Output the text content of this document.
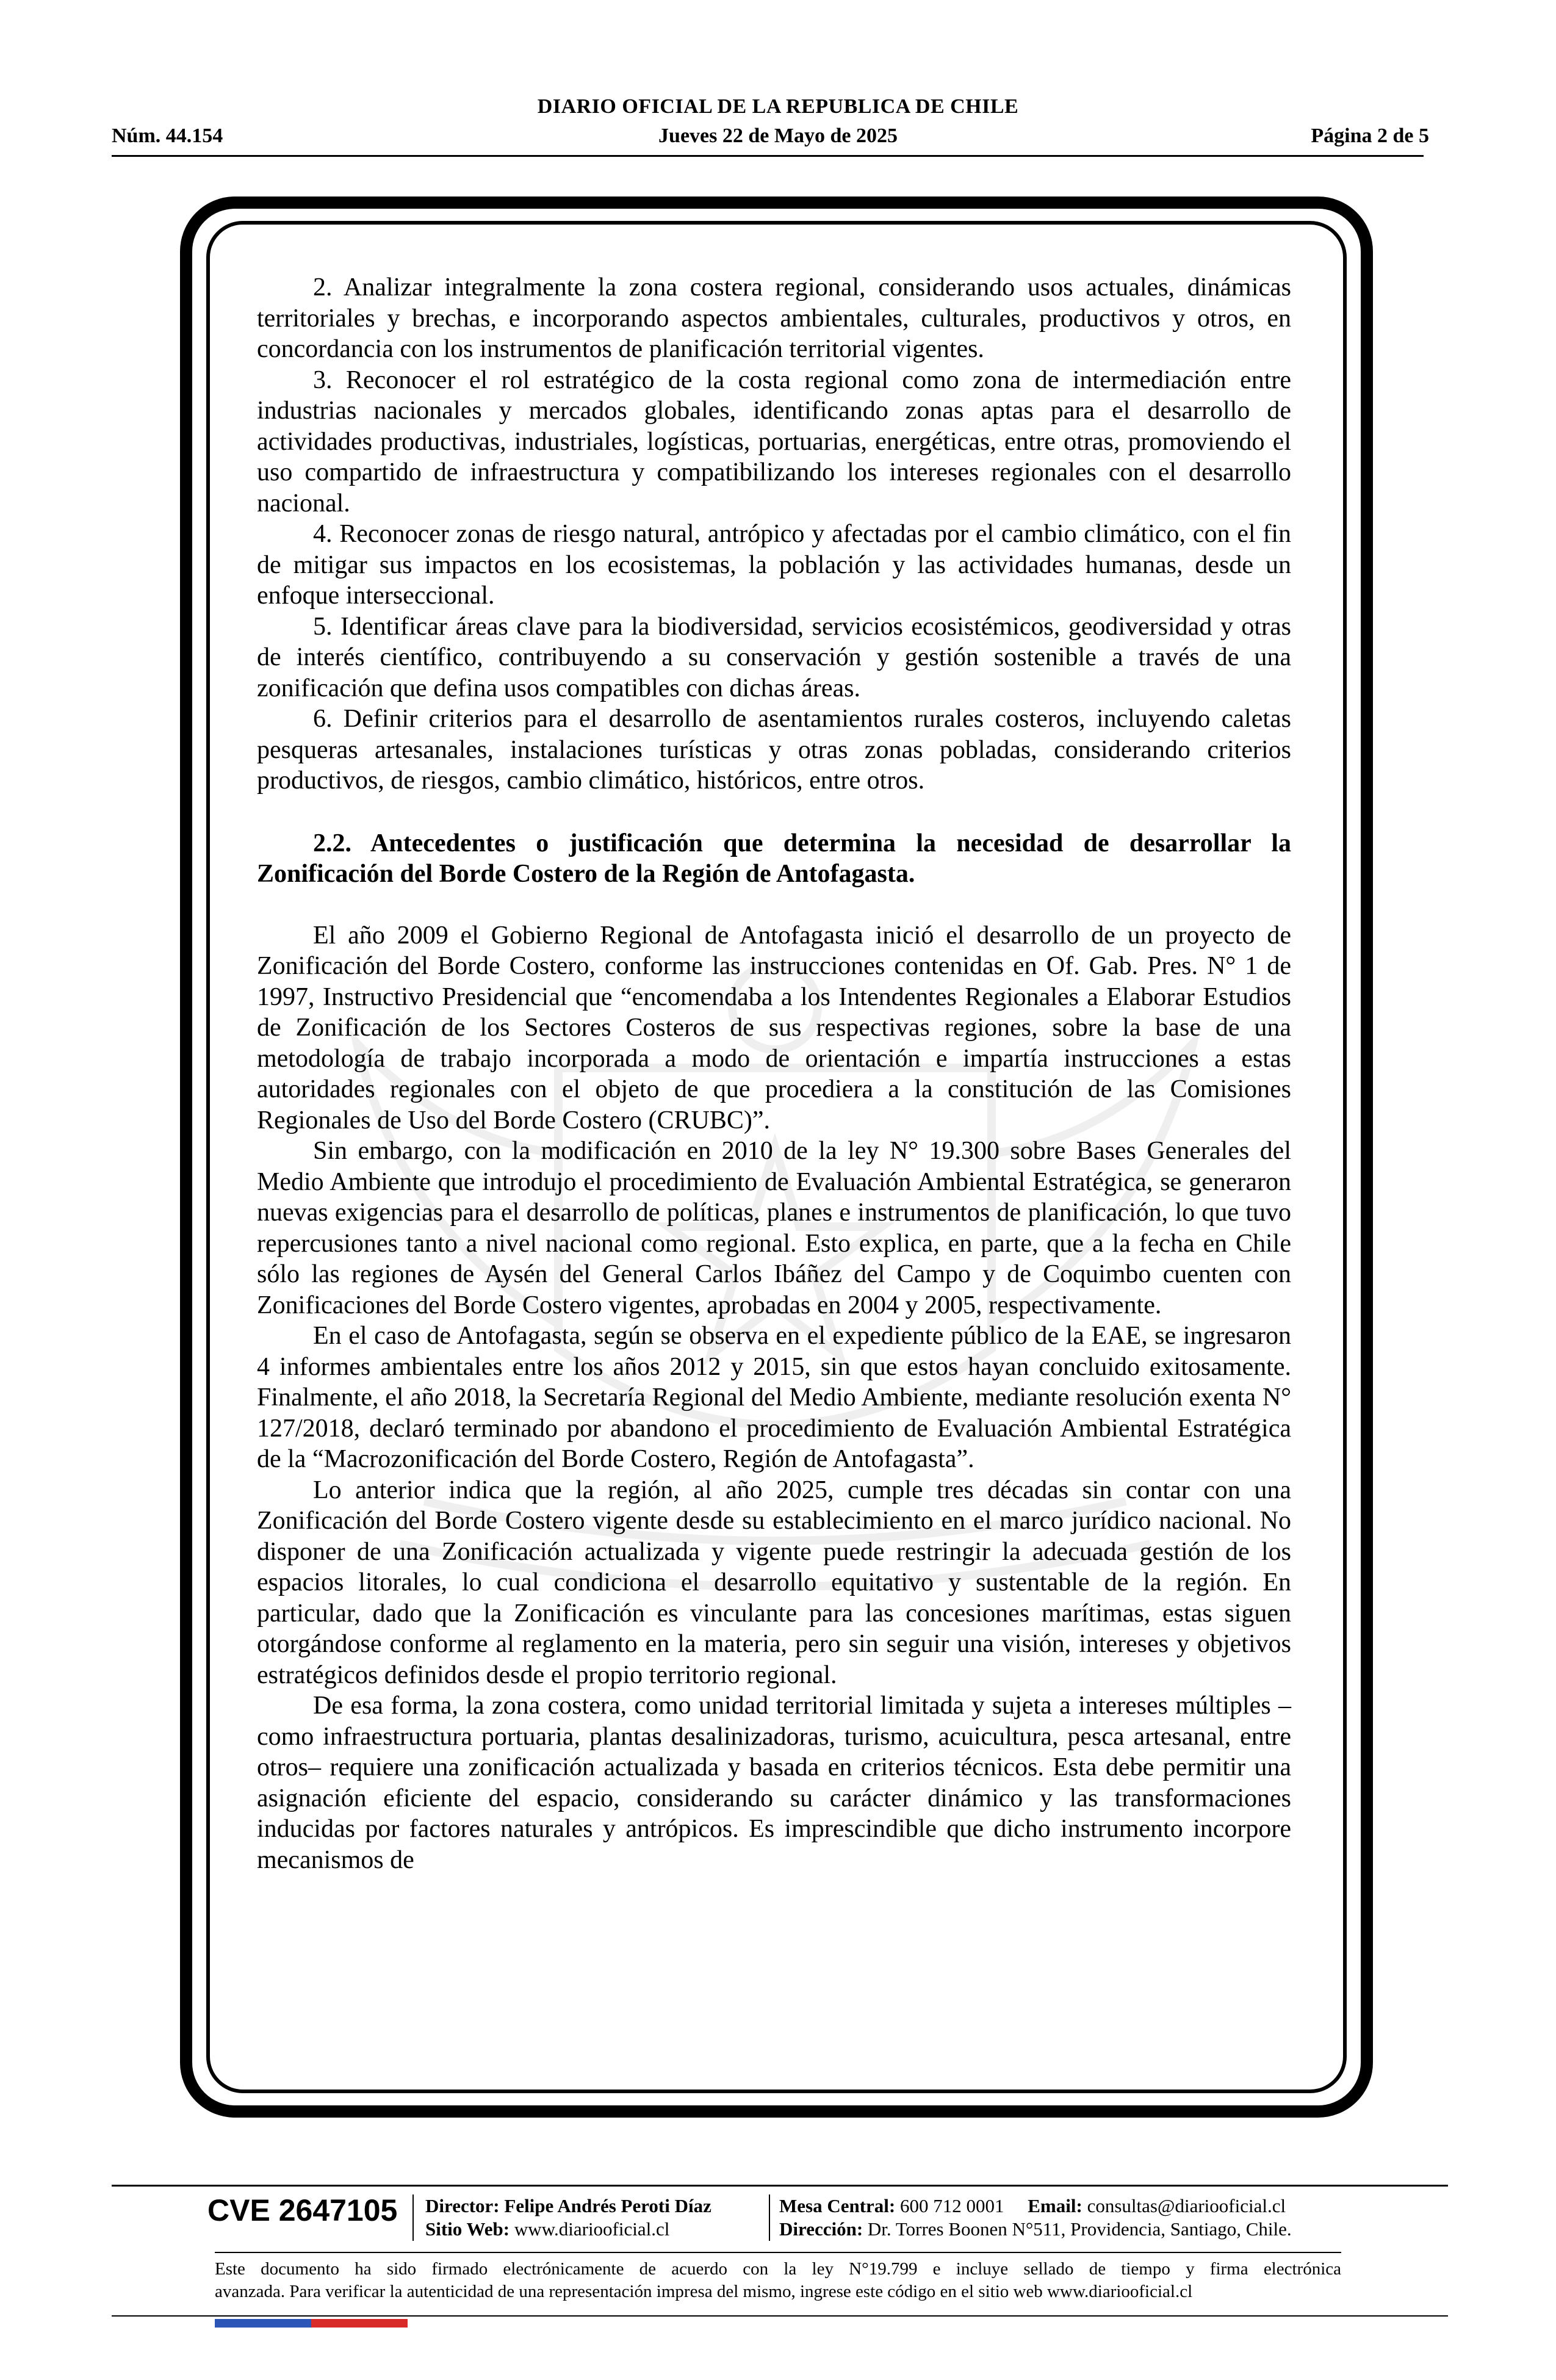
DIARIO OFICIAL DE LA REPUBLICA DE CHILE
Núm. 44.154	Jueves 22 de Mayo de 2025	Página 2 de 5

2. Analizar integralmente la zona costera regional, considerando usos actuales, dinámicas territoriales y brechas, e incorporando aspectos ambientales, culturales, productivos y otros, en concordancia con los instrumentos de planificación territorial vigentes.

3. Reconocer el rol estratégico de la costa regional como zona de intermediación entre industrias nacionales y mercados globales, identificando zonas aptas para el desarrollo de actividades productivas, industriales, logísticas, portuarias, energéticas, entre otras, promoviendo el uso compartido de infraestructura y compatibilizando los intereses regionales con el desarrollo nacional.

4. Reconocer zonas de riesgo natural, antrópico y afectadas por el cambio climático, con el fin de mitigar sus impactos en los ecosistemas, la población y las actividades humanas, desde un enfoque interseccional.

5. Identificar áreas clave para la biodiversidad, servicios ecosistémicos, geodiversidad y otras de interés científico, contribuyendo a su conservación y gestión sostenible a través de una zonificación que defina usos compatibles con dichas áreas.

6. Definir criterios para el desarrollo de asentamientos rurales costeros, incluyendo caletas pesqueras artesanales, instalaciones turísticas y otras zonas pobladas, considerando criterios productivos, de riesgos, cambio climático, históricos, entre otros.

2.2. Antecedentes o justificación que determina la necesidad de desarrollar la Zonificación del Borde Costero de la Región de Antofagasta.

El año 2009 el Gobierno Regional de Antofagasta inició el desarrollo de un proyecto de Zonificación del Borde Costero, conforme las instrucciones contenidas en Of. Gab. Pres. N° 1 de 1997, Instructivo Presidencial que “encomendaba a los Intendentes Regionales a Elaborar Estudios de Zonificación de los Sectores Costeros de sus respectivas regiones, sobre la base de una metodología de trabajo incorporada a modo de orientación e impartía instrucciones a estas autoridades regionales con el objeto de que procediera a la constitución de las Comisiones Regionales de Uso del Borde Costero (CRUBC)”.

Sin embargo, con la modificación en 2010 de la ley N° 19.300 sobre Bases Generales del Medio Ambiente que introdujo el procedimiento de Evaluación Ambiental Estratégica, se generaron nuevas exigencias para el desarrollo de políticas, planes e instrumentos de planificación, lo que tuvo repercusiones tanto a nivel nacional como regional. Esto explica, en parte, que a la fecha en Chile sólo las regiones de Aysén del General Carlos Ibáñez del Campo y de Coquimbo cuenten con Zonificaciones del Borde Costero vigentes, aprobadas en 2004 y 2005, respectivamente.

En el caso de Antofagasta, según se observa en el expediente público de la EAE, se ingresaron 4 informes ambientales entre los años 2012 y 2015, sin que estos hayan concluido exitosamente. Finalmente, el año 2018, la Secretaría Regional del Medio Ambiente, mediante resolución exenta N° 127/2018, declaró terminado por abandono el procedimiento de Evaluación Ambiental Estratégica de la “Macrozonificación del Borde Costero, Región de Antofagasta”.

Lo anterior indica que la región, al año 2025, cumple tres décadas sin contar con una Zonificación del Borde Costero vigente desde su establecimiento en el marco jurídico nacional. No disponer de una Zonificación actualizada y vigente puede restringir la adecuada gestión de los espacios litorales, lo cual condiciona el desarrollo equitativo y sustentable de la región. En particular, dado que la Zonificación es vinculante para las concesiones marítimas, estas siguen otorgándose conforme al reglamento en la materia, pero sin seguir una visión, intereses y objetivos estratégicos definidos desde el propio territorio regional.

De esa forma, la zona costera, como unidad territorial limitada y sujeta a intereses múltiples –como infraestructura portuaria, plantas desalinizadoras, turismo, acuicultura, pesca artesanal, entre otros– requiere una zonificación actualizada y basada en criterios técnicos. Esta debe permitir una asignación eficiente del espacio, considerando su carácter dinámico y las transformaciones inducidas por factores naturales y antrópicos. Es imprescindible que dicho instrumento incorpore mecanismos de

CVE 2647105 Director: Felipe Andrés Peroti Díaz
Sitio Web: www.diariooficial.cl
Mesa Central: 600 712 0001 Email: consultas@diariooficial.cl
Dirección: Dr. Torres Boonen N°511, Providencia, Santiago, Chile.
Este documento ha sido firmado electrónicamente de acuerdo con la ley N°19.799 e incluye sellado de tiempo y firma electrónica
avanzada. Para verificar la autenticidad de una representación impresa del mismo, ingrese este código en el sitio web www.diariooficial.cl
